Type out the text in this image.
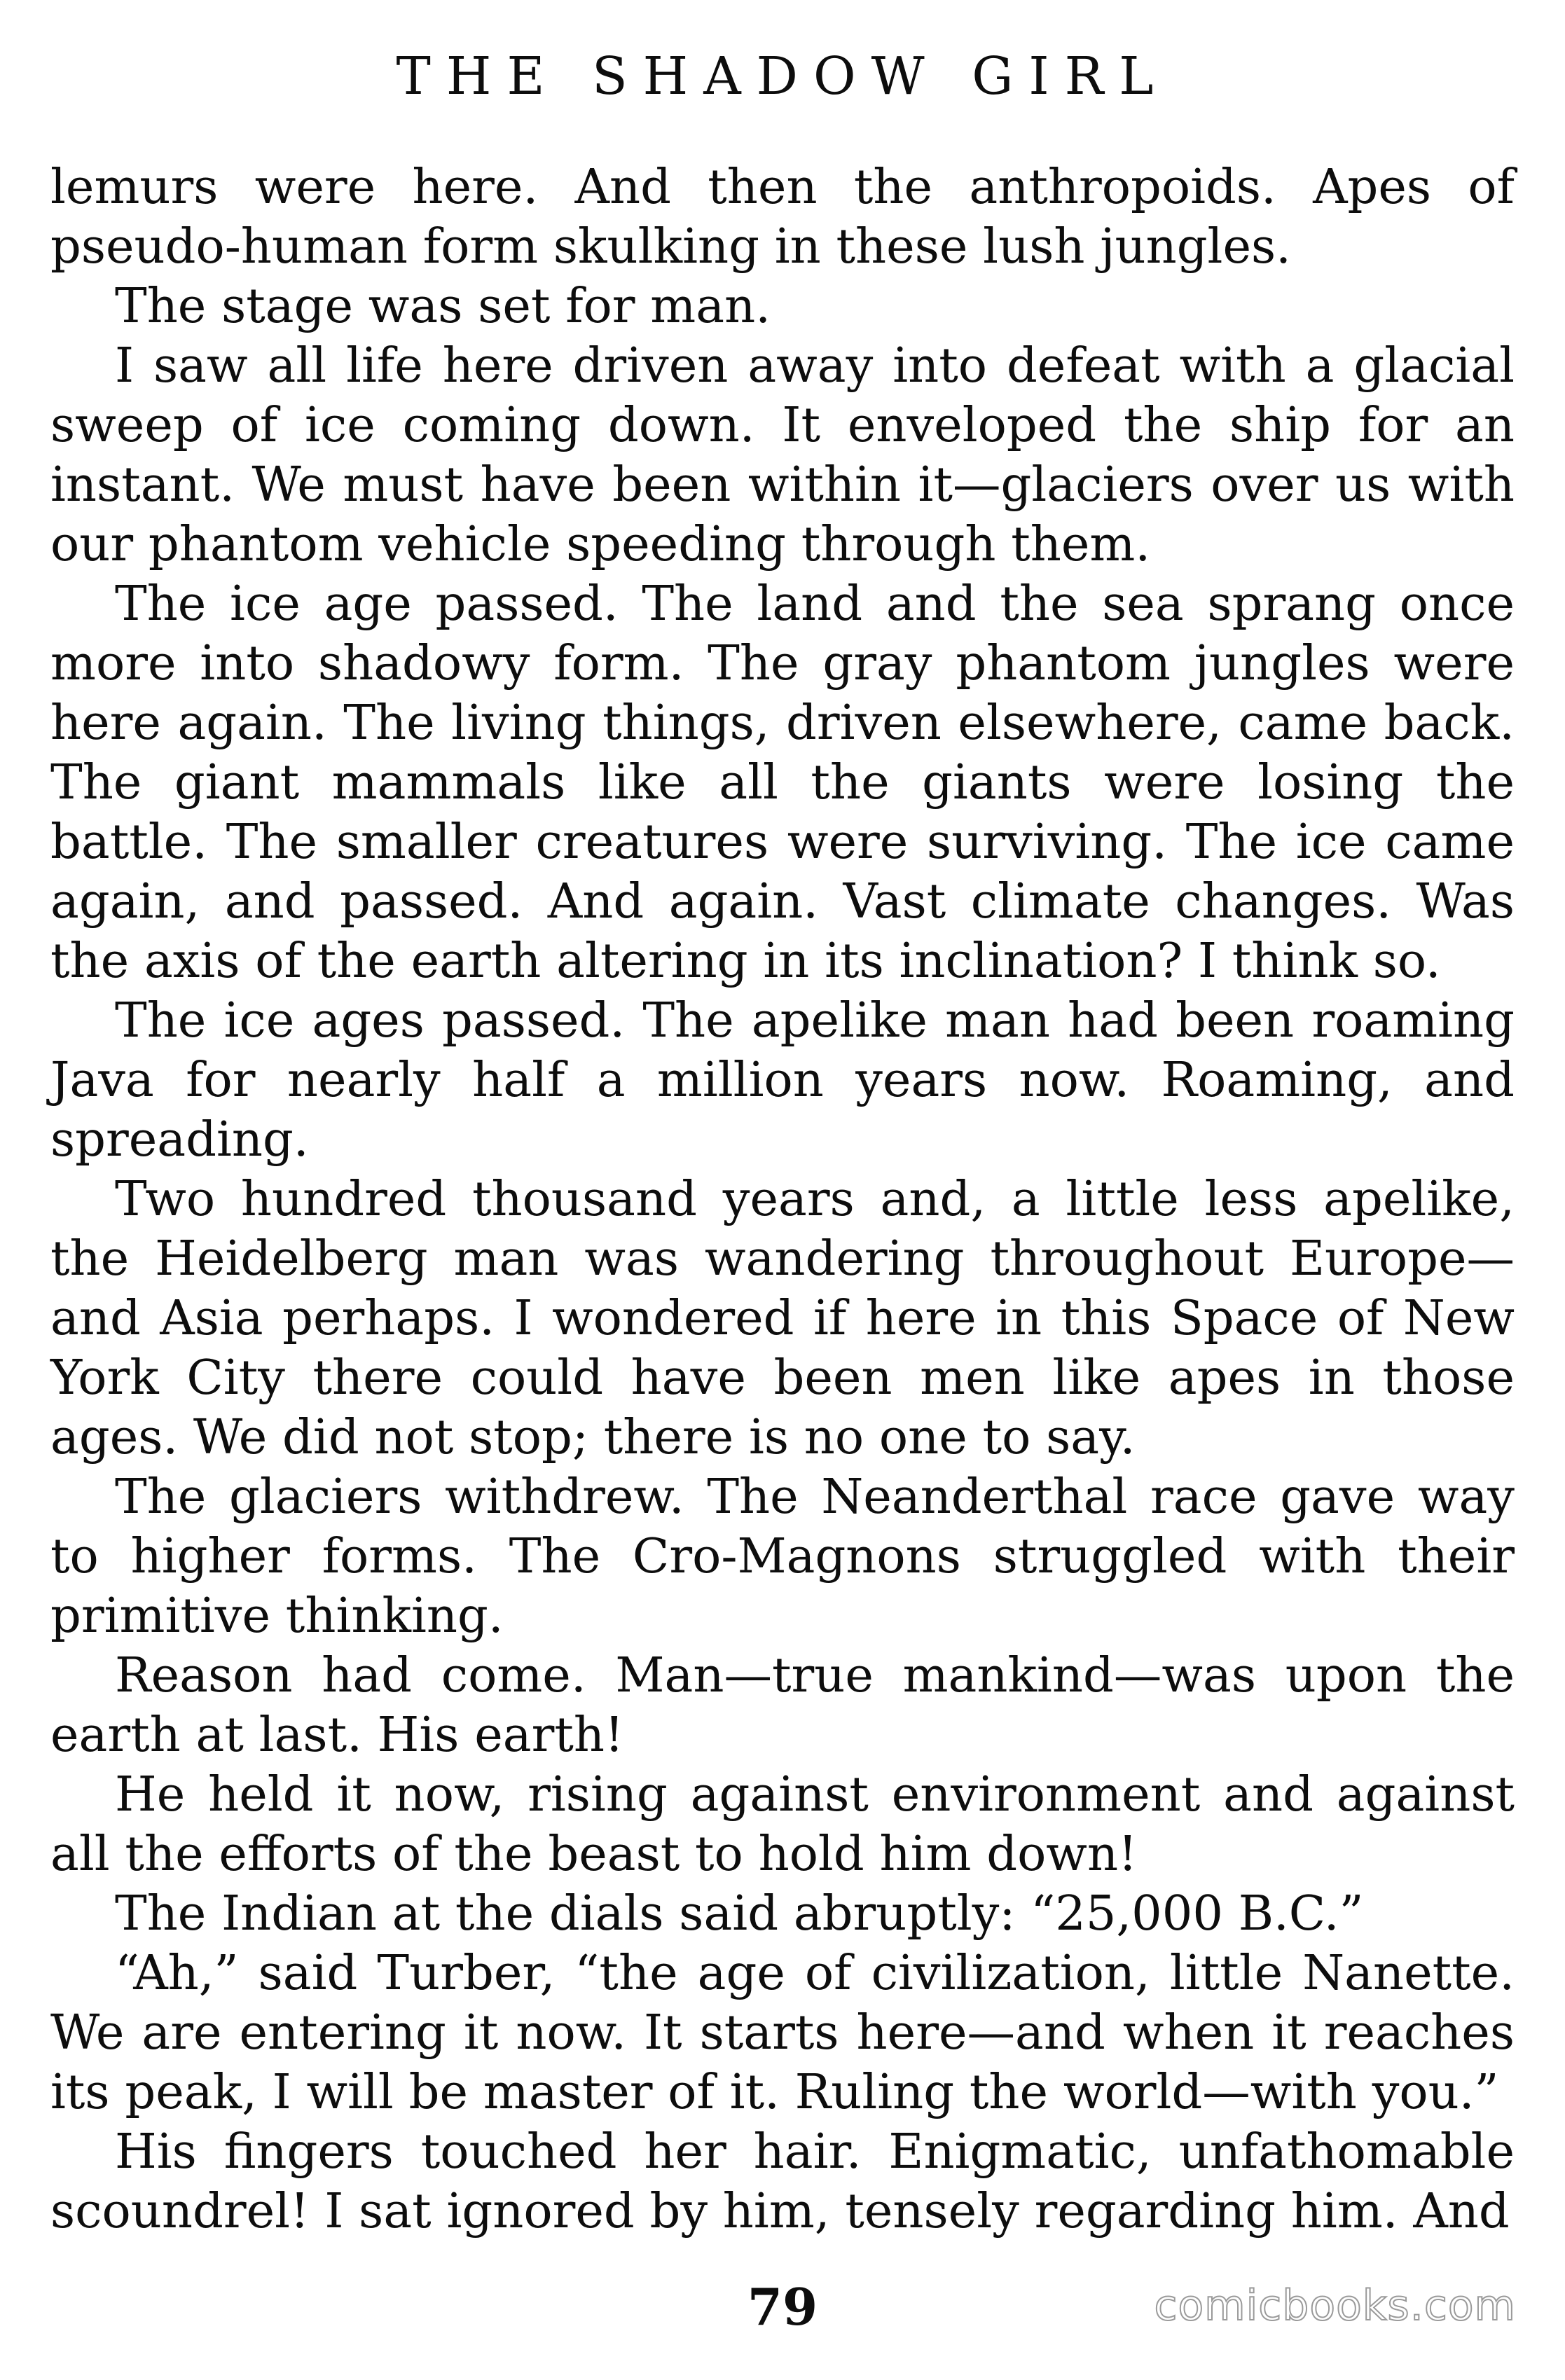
THE SHADOW GIRL

lemurs were here. And then the anthropoids. Apes of pseudo-human form skulking in these lush jungles.

The stage was set for man.

I saw all life here driven away into defeat with a glacial sweep of ice coming down. It enveloped the ship for an instant. We must have been within it—glaciers over us with our phantom vehicle speeding through them.

The ice age passed. The land and the sea sprang once more into shadowy form. The gray phantom jungles were here again. The living things, driven elsewhere, came back. The giant mammals like all the giants were losing the battle. The smaller creatures were surviving. The ice came again, and passed. And again. Vast climate changes. Was the axis of the earth altering in its inclination? I think so.

The ice ages passed. The apelike man had been roaming Java for nearly half a million years now. Roaming, and spreading.

Two hundred thousand years and, a little less apelike, the Heidelberg man was wandering throughout Europe—and Asia perhaps. I wondered if here in this Space of New York City there could have been men like apes in those ages. We did not stop; there is no one to say.

The glaciers withdrew. The Neanderthal race gave way to higher forms. The Cro-Magnons struggled with their primitive thinking.

Reason had come. Man—true mankind—was upon the earth at last. His earth!

He held it now, rising against environment and against all the efforts of the beast to hold him down!

The Indian at the dials said abruptly: “25,000 B.C.”

“Ah,” said Turber, “the age of civilization, little Nanette. We are entering it now. It starts here—and when it reaches its peak, I will be master of it. Ruling the world—with you.”

His fingers touched her hair. Enigmatic, unfathomable scoundrel! I sat ignored by him, tensely regarding him. And

79	comicbooks.com
